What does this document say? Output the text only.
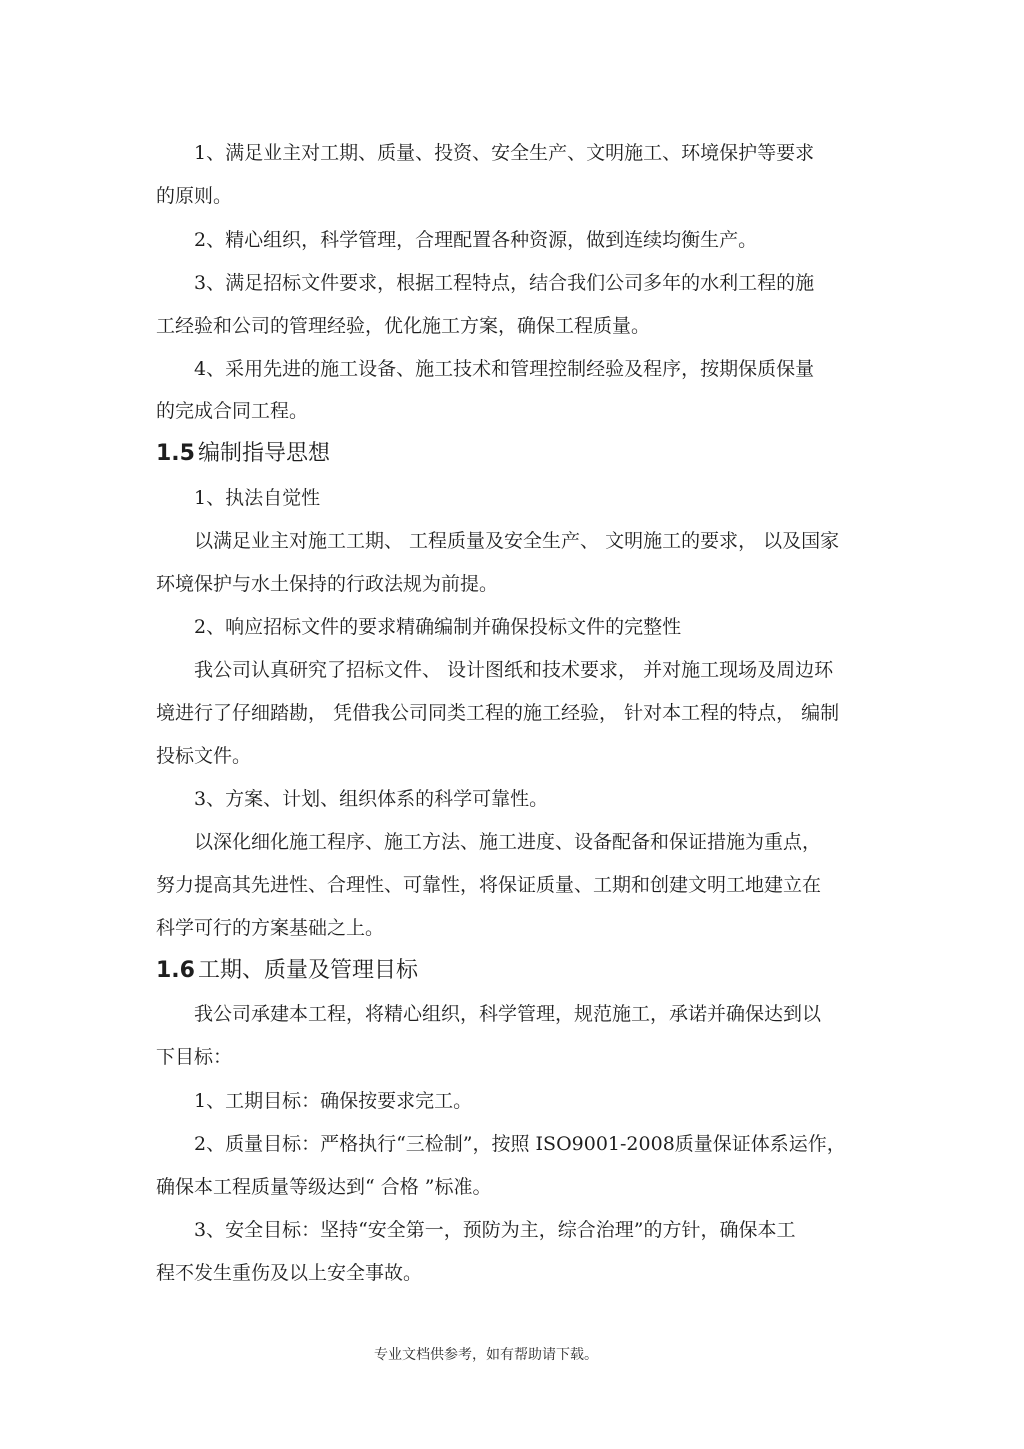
1、满足业主对工期、质量、投资、安全生产、文明施工、环境保护等要求
的原则。
2、精心组织，科学管理，合理配置各种资源，做到连续均衡生产。
3、满足招标文件要求，根据工程特点，结合我们公司多年的水利工程的施
工经验和公司的管理经验，优化施工方案，确保工程质量。
4、采用先进的施工设备、施工技术和管理控制经验及程序，按期保质保量
的完成合同工程。
1.5 编制指导思想
1、执法自觉性
以满足业主对施工工期、 工程质量及安全生产、 文明施工的要求， 以及国家
环境保护与水土保持的行政法规为前提。
2、响应招标文件的要求精确编制并确保投标文件的完整性
我公司认真研究了招标文件、 设计图纸和技术要求， 并对施工现场及周边环
境进行了仔细踏勘， 凭借我公司同类工程的施工经验， 针对本工程的特点， 编制
投标文件。
3、方案、计划、组织体系的科学可靠性。
以深化细化施工程序、施工方法、施工进度、设备配备和保证措施为重点，
努力提高其先进性、合理性、可靠性，将保证质量、工期和创建文明工地建立在
科学可行的方案基础之上。
1.6 工期、质量及管理目标
我公司承建本工程，将精心组织，科学管理，规范施工，承诺并确保达到以
下目标：
1、工期目标：确保按要求完工。
2、质量目标：严格执行“三检制”，按照 ISO9001-2008质量保证体系运作，
确保本工程质量等级达到“ 合格 ”标准。
3、安全目标：坚持“安全第一，预防为主，综合治理”的方针，确保本工
程不发生重伤及以上安全事故。
专业文档供参考，如有帮助请下载。
